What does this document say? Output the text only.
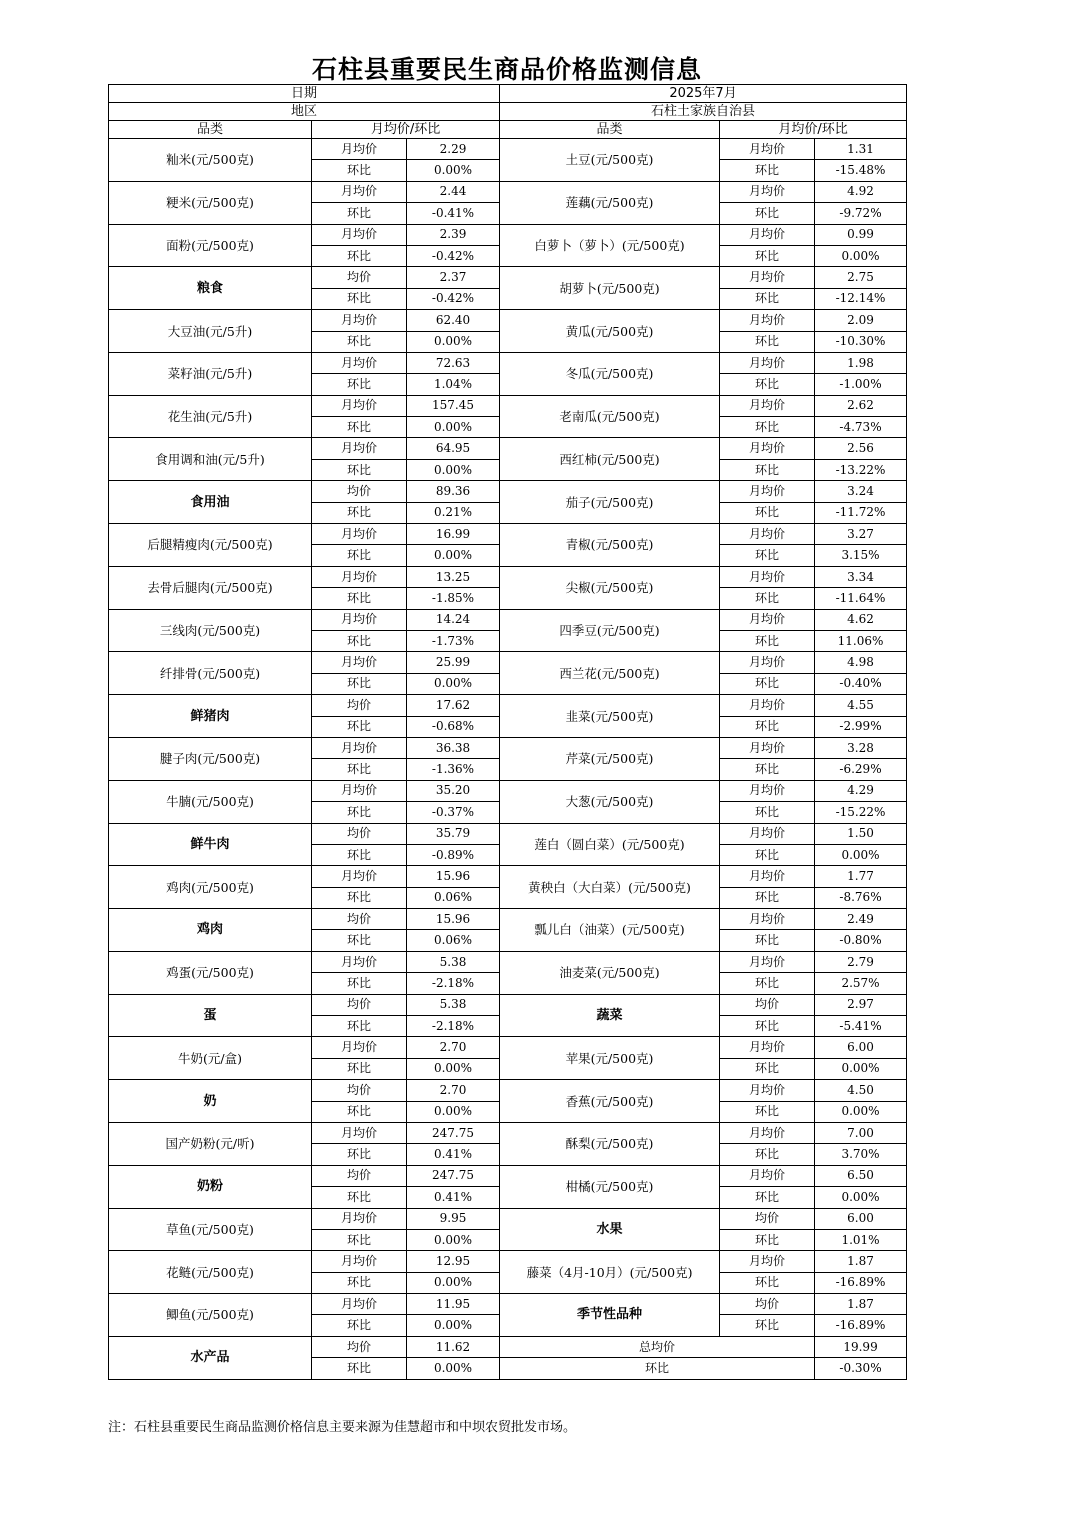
石柱县重要民生商品价格监测信息
日期			2025年7月		
地区			石柱土家族自治县		
品类	月均价/环比		品类	月均价/环比	
籼米(元/500克)	月均价	2.29	土豆(元/500克)	月均价	1.31
	环比	0.00%		环比	-15.48%
粳米(元/500克)	月均价	2.44	莲藕(元/500克)	月均价	4.92
	环比	-0.41%		环比	-9.72%
面粉(元/500克)	月均价	2.39	白萝卜（萝卜）(元/500克)	月均价	0.99
	环比	-0.42%		环比	0.00%
粮食	均价	2.37	胡萝卜(元/500克)	月均价	2.75
	环比	-0.42%		环比	-12.14%
大豆油(元/5升)	月均价	62.40	黄瓜(元/500克)	月均价	2.09
	环比	0.00%		环比	-10.30%
菜籽油(元/5升)	月均价	72.63	冬瓜(元/500克)	月均价	1.98
	环比	1.04%		环比	-1.00%
花生油(元/5升)	月均价	157.45	老南瓜(元/500克)	月均价	2.62
	环比	0.00%		环比	-4.73%
食用调和油(元/5升)	月均价	64.95	西红柿(元/500克)	月均价	2.56
	环比	0.00%		环比	-13.22%
食用油	均价	89.36	茄子(元/500克)	月均价	3.24
	环比	0.21%		环比	-11.72%
后腿精瘦肉(元/500克)	月均价	16.99	青椒(元/500克)	月均价	3.27
	环比	0.00%		环比	3.15%
去骨后腿肉(元/500克)	月均价	13.25	尖椒(元/500克)	月均价	3.34
	环比	-1.85%		环比	-11.64%
三线肉(元/500克)	月均价	14.24	四季豆(元/500克)	月均价	4.62
	环比	-1.73%		环比	11.06%
纤排骨(元/500克)	月均价	25.99	西兰花(元/500克)	月均价	4.98
	环比	0.00%		环比	-0.40%
鲜猪肉	均价	17.62	韭菜(元/500克)	月均价	4.55
	环比	-0.68%		环比	-2.99%
腱子肉(元/500克)	月均价	36.38	芹菜(元/500克)	月均价	3.28
	环比	-1.36%		环比	-6.29%
牛腩(元/500克)	月均价	35.20	大葱(元/500克)	月均价	4.29
	环比	-0.37%		环比	-15.22%
鲜牛肉	均价	35.79	莲白（圆白菜）(元/500克)	月均价	1.50
	环比	-0.89%		环比	0.00%
鸡肉(元/500克)	月均价	15.96	黄秧白（大白菜）(元/500克)	月均价	1.77
	环比	0.06%		环比	-8.76%
鸡肉	均价	15.96	瓢儿白（油菜）(元/500克)	月均价	2.49
	环比	0.06%		环比	-0.80%
鸡蛋(元/500克)	月均价	5.38	油麦菜(元/500克)	月均价	2.79
	环比	-2.18%		环比	2.57%
蛋	均价	5.38	蔬菜	均价	2.97
	环比	-2.18%		环比	-5.41%
牛奶(元/盒)	月均价	2.70	苹果(元/500克)	月均价	6.00
	环比	0.00%		环比	0.00%
奶	均价	2.70	香蕉(元/500克)	月均价	4.50
	环比	0.00%		环比	0.00%
国产奶粉(元/听)	月均价	247.75	酥梨(元/500克)	月均价	7.00
	环比	0.41%		环比	3.70%
奶粉	均价	247.75	柑橘(元/500克)	月均价	6.50
	环比	0.41%		环比	0.00%
草鱼(元/500克)	月均价	9.95	水果	均价	6.00
	环比	0.00%		环比	1.01%
花鲢(元/500克)	月均价	12.95	藤菜（4月-10月）(元/500克)	月均价	1.87
	环比	0.00%		环比	-16.89%
鲫鱼(元/500克)	月均价	11.95	季节性品种	均价	1.87
	环比	0.00%		环比	-16.89%
水产品	均价	11.62	总均价		19.99
	环比	0.00%	环比		-0.30%
注：石柱县重要民生商品监测价格信息主要来源为佳慧超市和中坝农贸批发市场。
